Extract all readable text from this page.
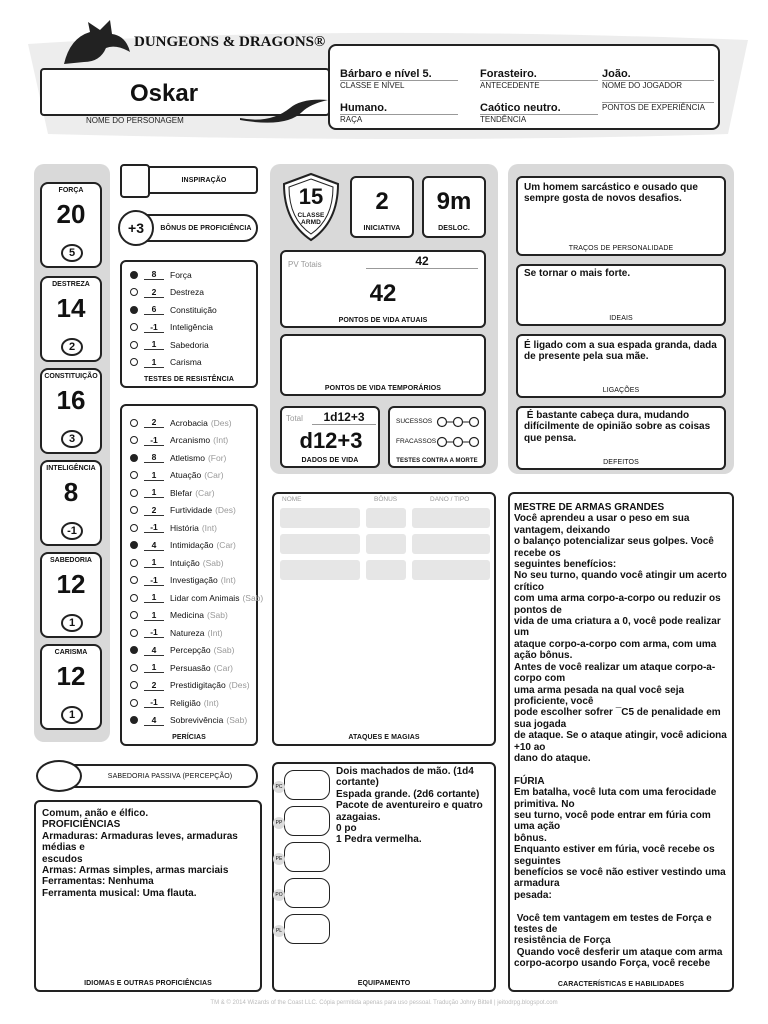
DUNGEONS & DRAGONS®
Oskar
NOME DO PERSONAGEM
Bárbaro e nível 5.
CLASSE E NÍVEL
Forasteiro.
ANTECEDENTE
João.
NOME DO JOGADOR
Humano.
RAÇA
Caótico neutro.
TENDÊNCIA
PONTOS DE EXPERIÊNCIA
FORÇA
20
5
DESTREZA
14
2
CONSTITUIÇÃO
16
3
INTELIGÊNCIA
8
-1
SABEDORIA
12
1
CARISMA
12
1
INSPIRAÇÃO
+3	BÔNUS DE PROFICIÊNCIA
8	Força
2	Destreza
6	Constituição
-1	Inteligência
1	Sabedoria
1	Carisma
TESTES DE RESISTÊNCIA
2	Acrobacia (Des)
-1	Arcanismo (Int)
8	Atletismo (For)
1	Atuação (Car)
1	Blefar (Car)
2	Furtividade (Des)
-1	História (Int)
4	Intimidação (Car)
1	Intuição (Sab)
-1	Investigação (Int)
1	Lidar com Animais (Sab)
1	Medicina (Sab)
-1	Natureza (Int)
4	Percepção (Sab)
1	Persuasão (Car)
2	Prestidigitação (Des)
-1	Religião (Int)
4	Sobrevivência (Sab)
PERÍCIAS
SABEDORIA PASSIVA (PERCEPÇÃO)
Comum, anão e élfico.
PROFICIÊNCIAS
Armaduras: Armaduras leves, armaduras médias e
escudos
Armas: Armas simples, armas marciais
Ferramentas: Nenhuma
Ferramenta musical: Uma flauta.
IDIOMAS E OUTRAS PROFICIÊNCIAS
15
CLASSE ARMD
2
INICIATIVA
9m
DESLOC.
PV Totais	42
42
PONTOS DE VIDA ATUAIS
PONTOS DE VIDA TEMPORÁRIOS
Total	1d12+3
d12+3
DADOS DE VIDA
SUCESSOS
FRACASSOS
TESTES CONTRA A MORTE
NOME	BÔNUS	DANO / TIPO
ATAQUES E MAGIAS
PC
PP
PE
PO
PL
Dois machados de mão. (1d4 cortante)
Espada grande. (2d6 cortante)
Pacote de aventureiro e quatro azagaias.
0 po
1 Pedra vermelha.
EQUIPAMENTO
Um homem sarcástico e ousado que sempre gosta de novos desafios.
TRAÇOS DE PERSONALIDADE
Se tornar o mais forte.
IDEAIS
É ligado com a sua espada granda, dada de presente pela sua mãe.
LIGAÇÕES
É bastante cabeça dura, mudando difícilmente de opinião sobre as coisas que pensa.
DEFEITOS
MESTRE DE ARMAS GRANDES
Você aprendeu a usar o peso em sua vantagem, deixando
o balanço potencializar seus golpes. Você recebe os
seguintes benefícios:
No seu turno, quando você atingir um acerto crítico
com uma arma corpo-a-corpo ou reduzir os pontos de
vida de uma criatura a 0, você pode realizar um
ataque corpo-a-corpo com arma, com uma ação bônus.
Antes de você realizar um ataque corpo-a-corpo com
uma arma pesada na qual você seja proficiente, você
pode escolher sofrer ¯C5 de penalidade em sua jogada
de ataque. Se o ataque atingir, você adiciona +10 ao
dano do ataque.

FÚRIA
Em batalha, você luta com uma ferocidade primitiva. No
seu turno, você pode entrar em fúria com uma ação
bônus.
Enquanto estiver em fúria, você recebe os seguintes
benefícios se você não estiver vestindo uma armadura
pesada:

Você tem vantagem em testes de Força e testes de
resistência de Força
Quando você desferir um ataque com arma corpo-acorpo usando Força, você recebe
CARACTERÍSTICAS E HABILIDADES
TM & © 2014 Wizards of the Coast LLC. Cópia permitida apenas para uso pessoal. Tradução Johny Bittell | jeitodrpg.blogspot.com
